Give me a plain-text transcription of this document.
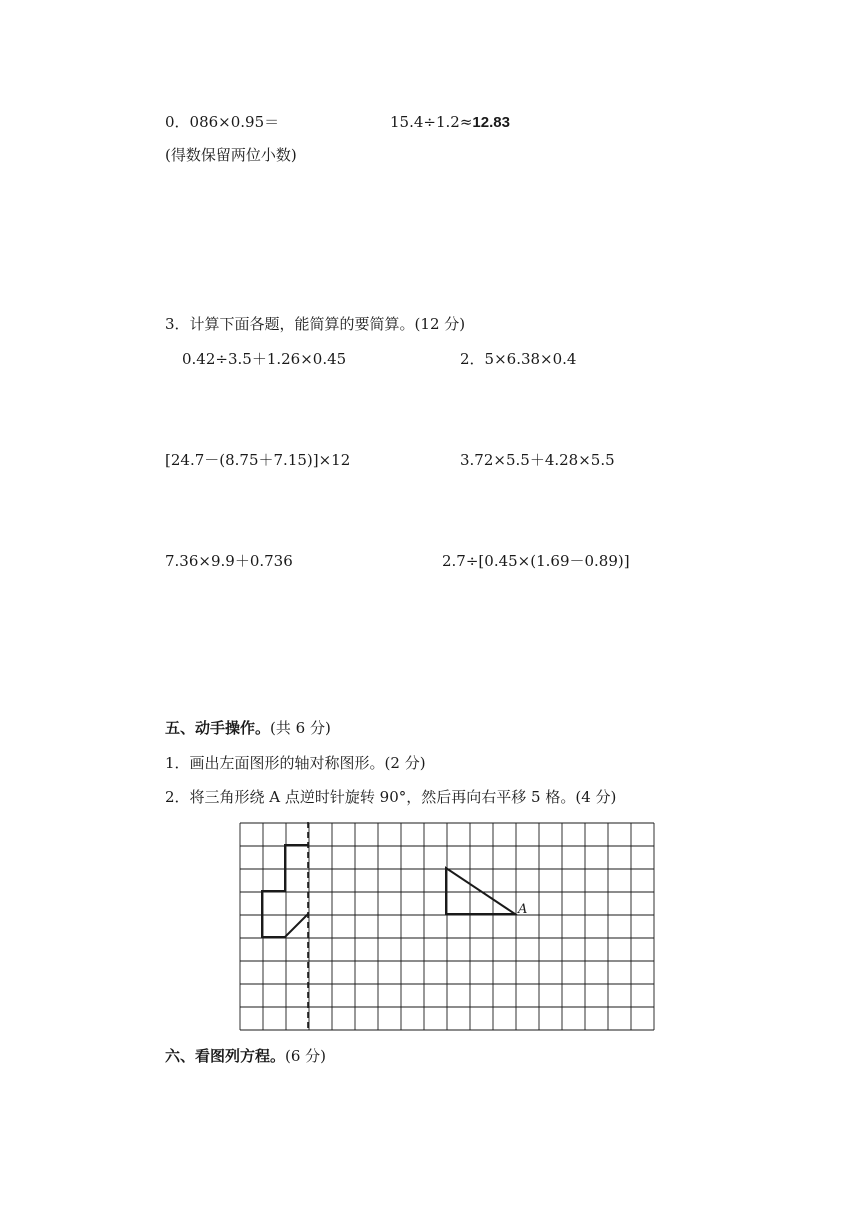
0．086×0.95＝	15.4÷1.2≈12.83
(得数保留两位小数)
3．计算下面各题，能简算的要简算。(12 分)
0.42÷3.5＋1.26×0.45	2．5×6.38×0.4
[24.7－(8.75＋7.15)]×12	3.72×5.5＋4.28×5.5
7.36×9.9＋0.736	2.7÷[0.45×(1.69－0.89)]
五、动手操作。(共 6 分)
1．画出左面图形的轴对称图形。(2 分)
2．将三角形绕 A 点逆时针旋转 90°，然后再向右平移 5 格。(4 分)
A
六、看图列方程。(6 分)
